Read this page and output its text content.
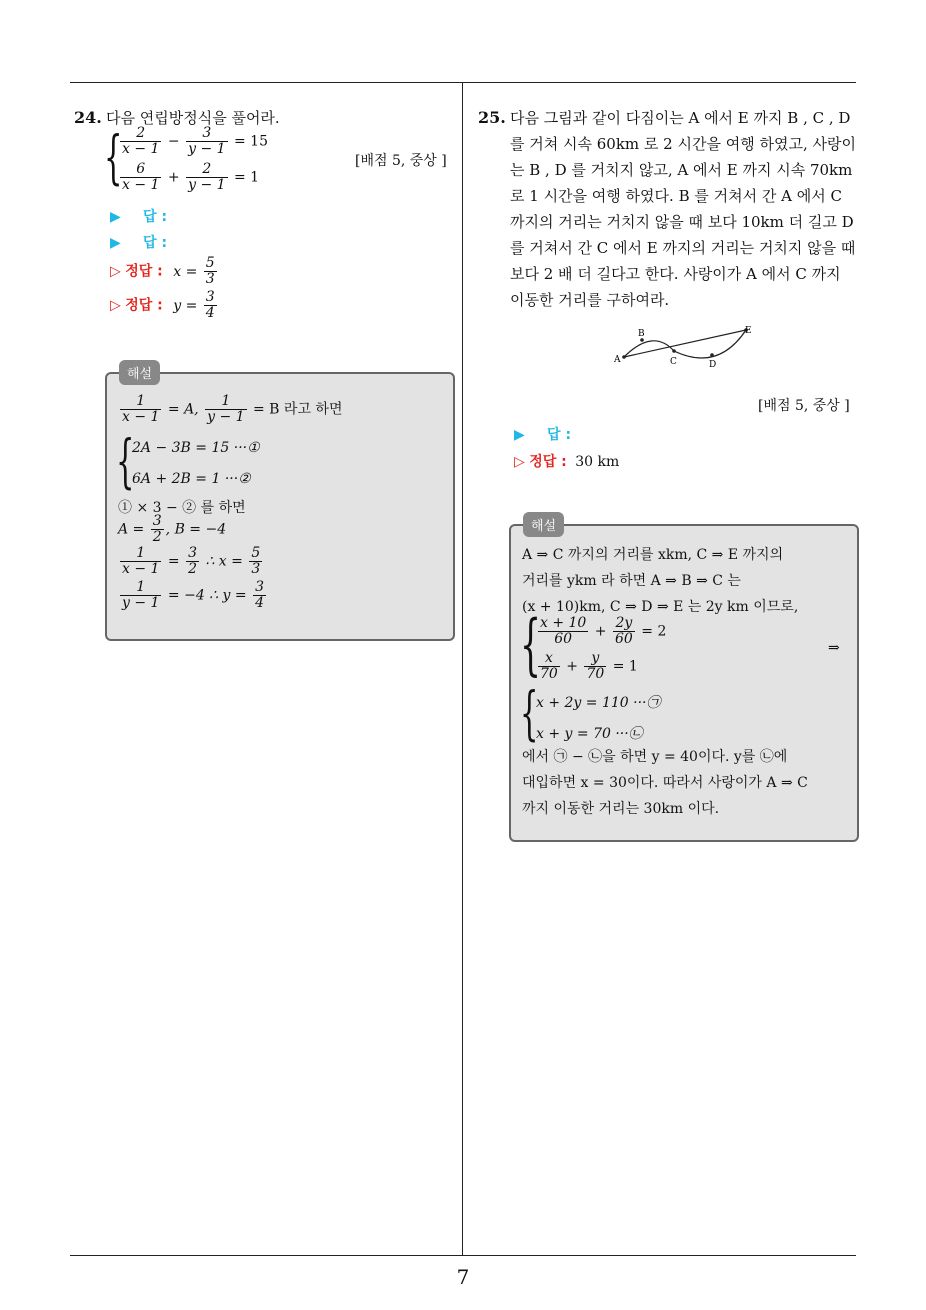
24. 다음 연립방정식을 풀어라.
{
$\frac{2}{x - 1} - \frac{3}{y - 1} = 15$
$\frac{6}{x - 1} + \frac{2}{y - 1} = 1$
[배점 5, 중상 ]
▶ 답 :
▶ 답 :
▷ 정답 : $x = \frac{5}{3}$
▷ 정답 : $y = \frac{3}{4}$
해설
$\frac{1}{x - 1} = A$, $\frac{1}{y - 1} = B$ 라고 하면
{
2A − 3B = 15 ···①
6A + 2B = 1 ···②
① × 3 − ② 를 하면
$A = \frac{3}{2}$ , B = −4
$\frac{1}{x - 1} = \frac{3}{2}$ ∴ $x = \frac{5}{3}$
$\frac{1}{y - 1} = -4$ ∴ $y = \frac{3}{4}$
25. 다음 그림과 같이 다짐이는 A 에서 E 까지 B , C , D
를 거쳐 시속 60km 로 2 시간을 여행 하였고, 사랑이
는 B , D 를 거치지 않고, A 에서 E 까지 시속 70km
로 1 시간을 여행 하였다. B 를 거쳐서 간 A 에서 C
까지의 거리는 거치지 않을 때 보다 10km 더 길고 D
를 거쳐서 간 C 에서 E 까지의 거리는 거치지 않을 때
보다 2 배 더 길다고 한다. 사랑이가 A 에서 C 까지
이동한 거리를 구하여라.
A
B
C	D
E
[배점 5, 중상 ]
▶ 답 :
▷ 정답 : 30 km
해설
A ⇒ C 까지의 거리를 xkm, C ⇒ E 까지의
거리를 ykm 라 하면 A ⇒ B ⇒ C 는
(x + 10)km, C ⇒ D ⇒ E 는 2y km 이므로,
{
$\frac{x + 10}{60} + \frac{2y}{60} = 2$
$\frac{x}{70} + \frac{y}{70} = 1$
⇒
{
x + 2y = 110 ···㉠
x + y = 70 ···㉡
에서 ㉠ − ㉡을 하면 y = 40이다. y를 ㉡에
대입하면 x = 30이다. 따라서 사랑이가 A ⇒ C
까지 이동한 거리는 30km 이다.
7
